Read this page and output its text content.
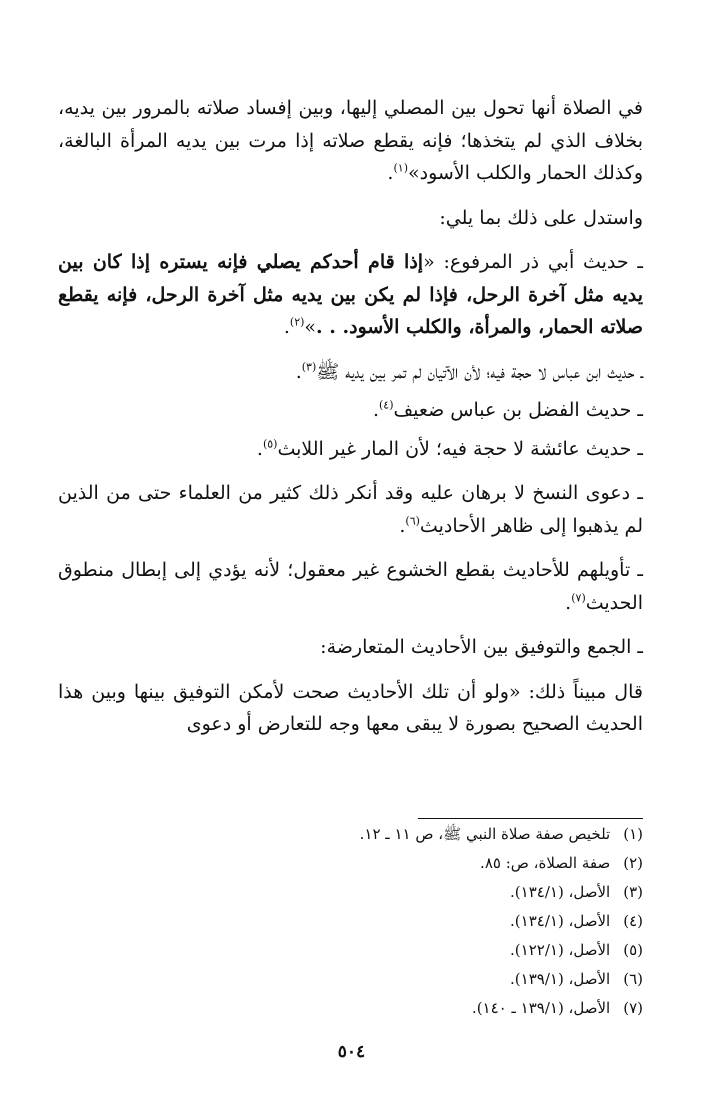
في الصلاة أنها تحول بين المصلي إليها، وبين إفساد صلاته بالمرور بين يديه، بخلاف الذي لم يتخذها؛ فإنه يقطع صلاته إذا مرت بين يديه المرأة البالغة، وكذلك الحمار والكلب الأسود»$^{(١)}$.

واستدل على ذلك بما يلي:

ـ حديث أبي ذر المرفوع: «إذا قام أحدكم يصلي فإنه يستره إذا كان بين يديه مثل آخرة الرحل، فإذا لم يكن بين يديه مثل آخرة الرحل، فإنه يقطع صلاته الحمار، والمرأة، والكلب الأسود. . .»$^{(٢)}$.

ـ حديث ابن عباس لا حجة فيه؛ لأن الآتيان لم تمر بين يديه ﷺ$^{(٣)}$.

ـ حديث الفضل بن عباس ضعيف$^{(٤)}$.

ـ حديث عائشة لا حجة فيه؛ لأن المار غير اللابث$^{(٥)}$.

ـ دعوى النسخ لا برهان عليه وقد أنكر ذلك كثير من العلماء حتى من الذين لم يذهبوا إلى ظاهر الأحاديث$^{(٦)}$.

ـ تأويلهم للأحاديث بقطع الخشوع غير معقول؛ لأنه يؤدي إلى إبطال منطوق الحديث$^{(٧)}$.

ـ الجمع والتوفيق بين الأحاديث المتعارضة:

قال مبيناً ذلك: «ولو أن تلك الأحاديث صحت لأمكن التوفيق بينها وبين هذا الحديث الصحيح بصورة لا يبقى معها وجه للتعارض أو دعوى

(١) تلخيص صفة صلاة النبي ﷺ، ص ١١ ـ ١٢.

(٢) صفة الصلاة، ص: ٨٥.

(٣) الأصل، (١٣٤/١).

(٤) الأصل، (١٣٤/١).

(٥) الأصل، (١٢٢/١).

(٦) الأصل، (١٣٩/١).

(٧) الأصل، (١٣٩/١ ـ ١٤٠).

٥٠٤
